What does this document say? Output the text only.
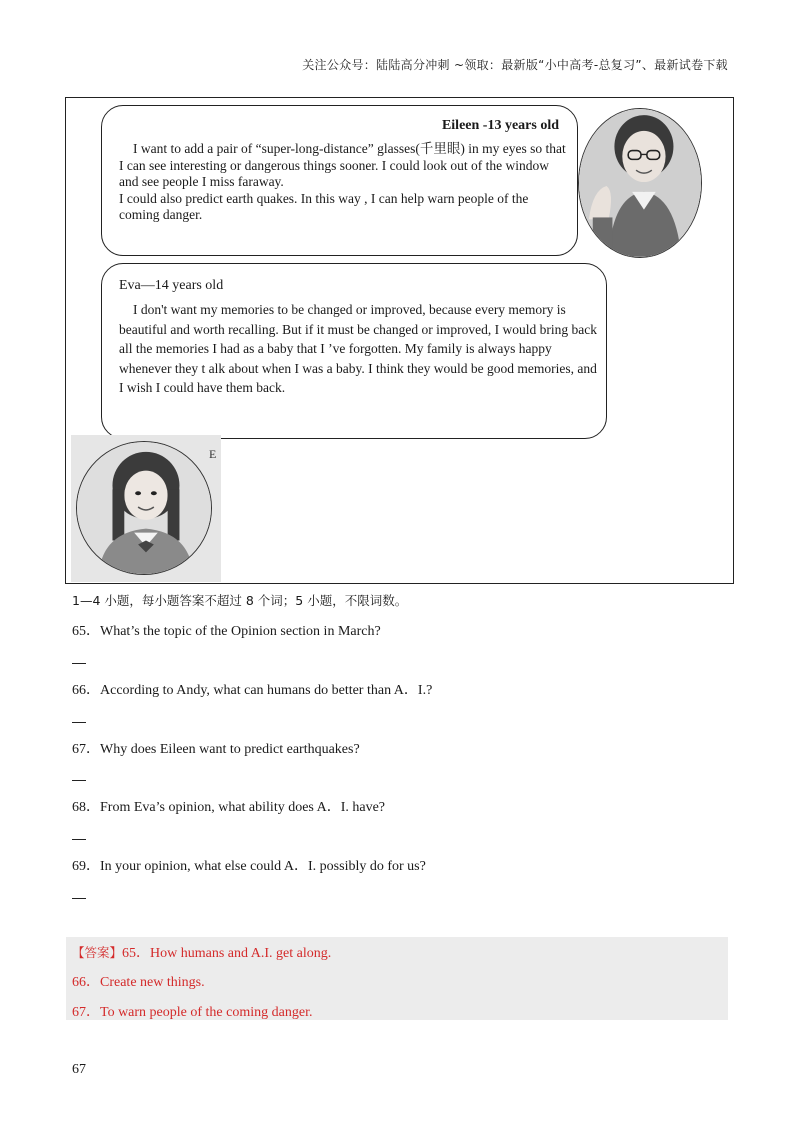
关注公众号：陆陆高分冲刺 ~领取：最新版“小中高考-总复习”、最新试卷下载
Eileen -13 years old

I want to add a pair of “super-long-distance” glasses(千里眼) in my eyes so that I can see interesting or dangerous things sooner. I could look out of the window and see people I miss faraway.

I could also predict earth quakes. In this way , I can help warn people of the coming danger.

Eva—14 years old

I don't want my memories to be changed or improved, because every memory is beautiful and worth recalling. But if it must be changed or improved, I would bring back all the memories I had as a baby that I ’ve forgotten. My family is always happy whenever they t alk about when I was a baby. I think they would be good memories, and I wish I could have them back.

E
1—4 小题，每小题答案不超过 8 个词；5 小题，不限词数。
65．What’s the topic of the Opinion section in March?
66．According to Andy, what can humans do better than A．I.?
67．Why does Eileen want to predict earthquakes?
68．From Eva’s opinion, what ability does A．I. have?
69．In your opinion, what else could A．I. possibly do for us?
【答案】65．How humans and A.I. get along.
66．Create new things.
67．To warn people of the coming danger.
67
